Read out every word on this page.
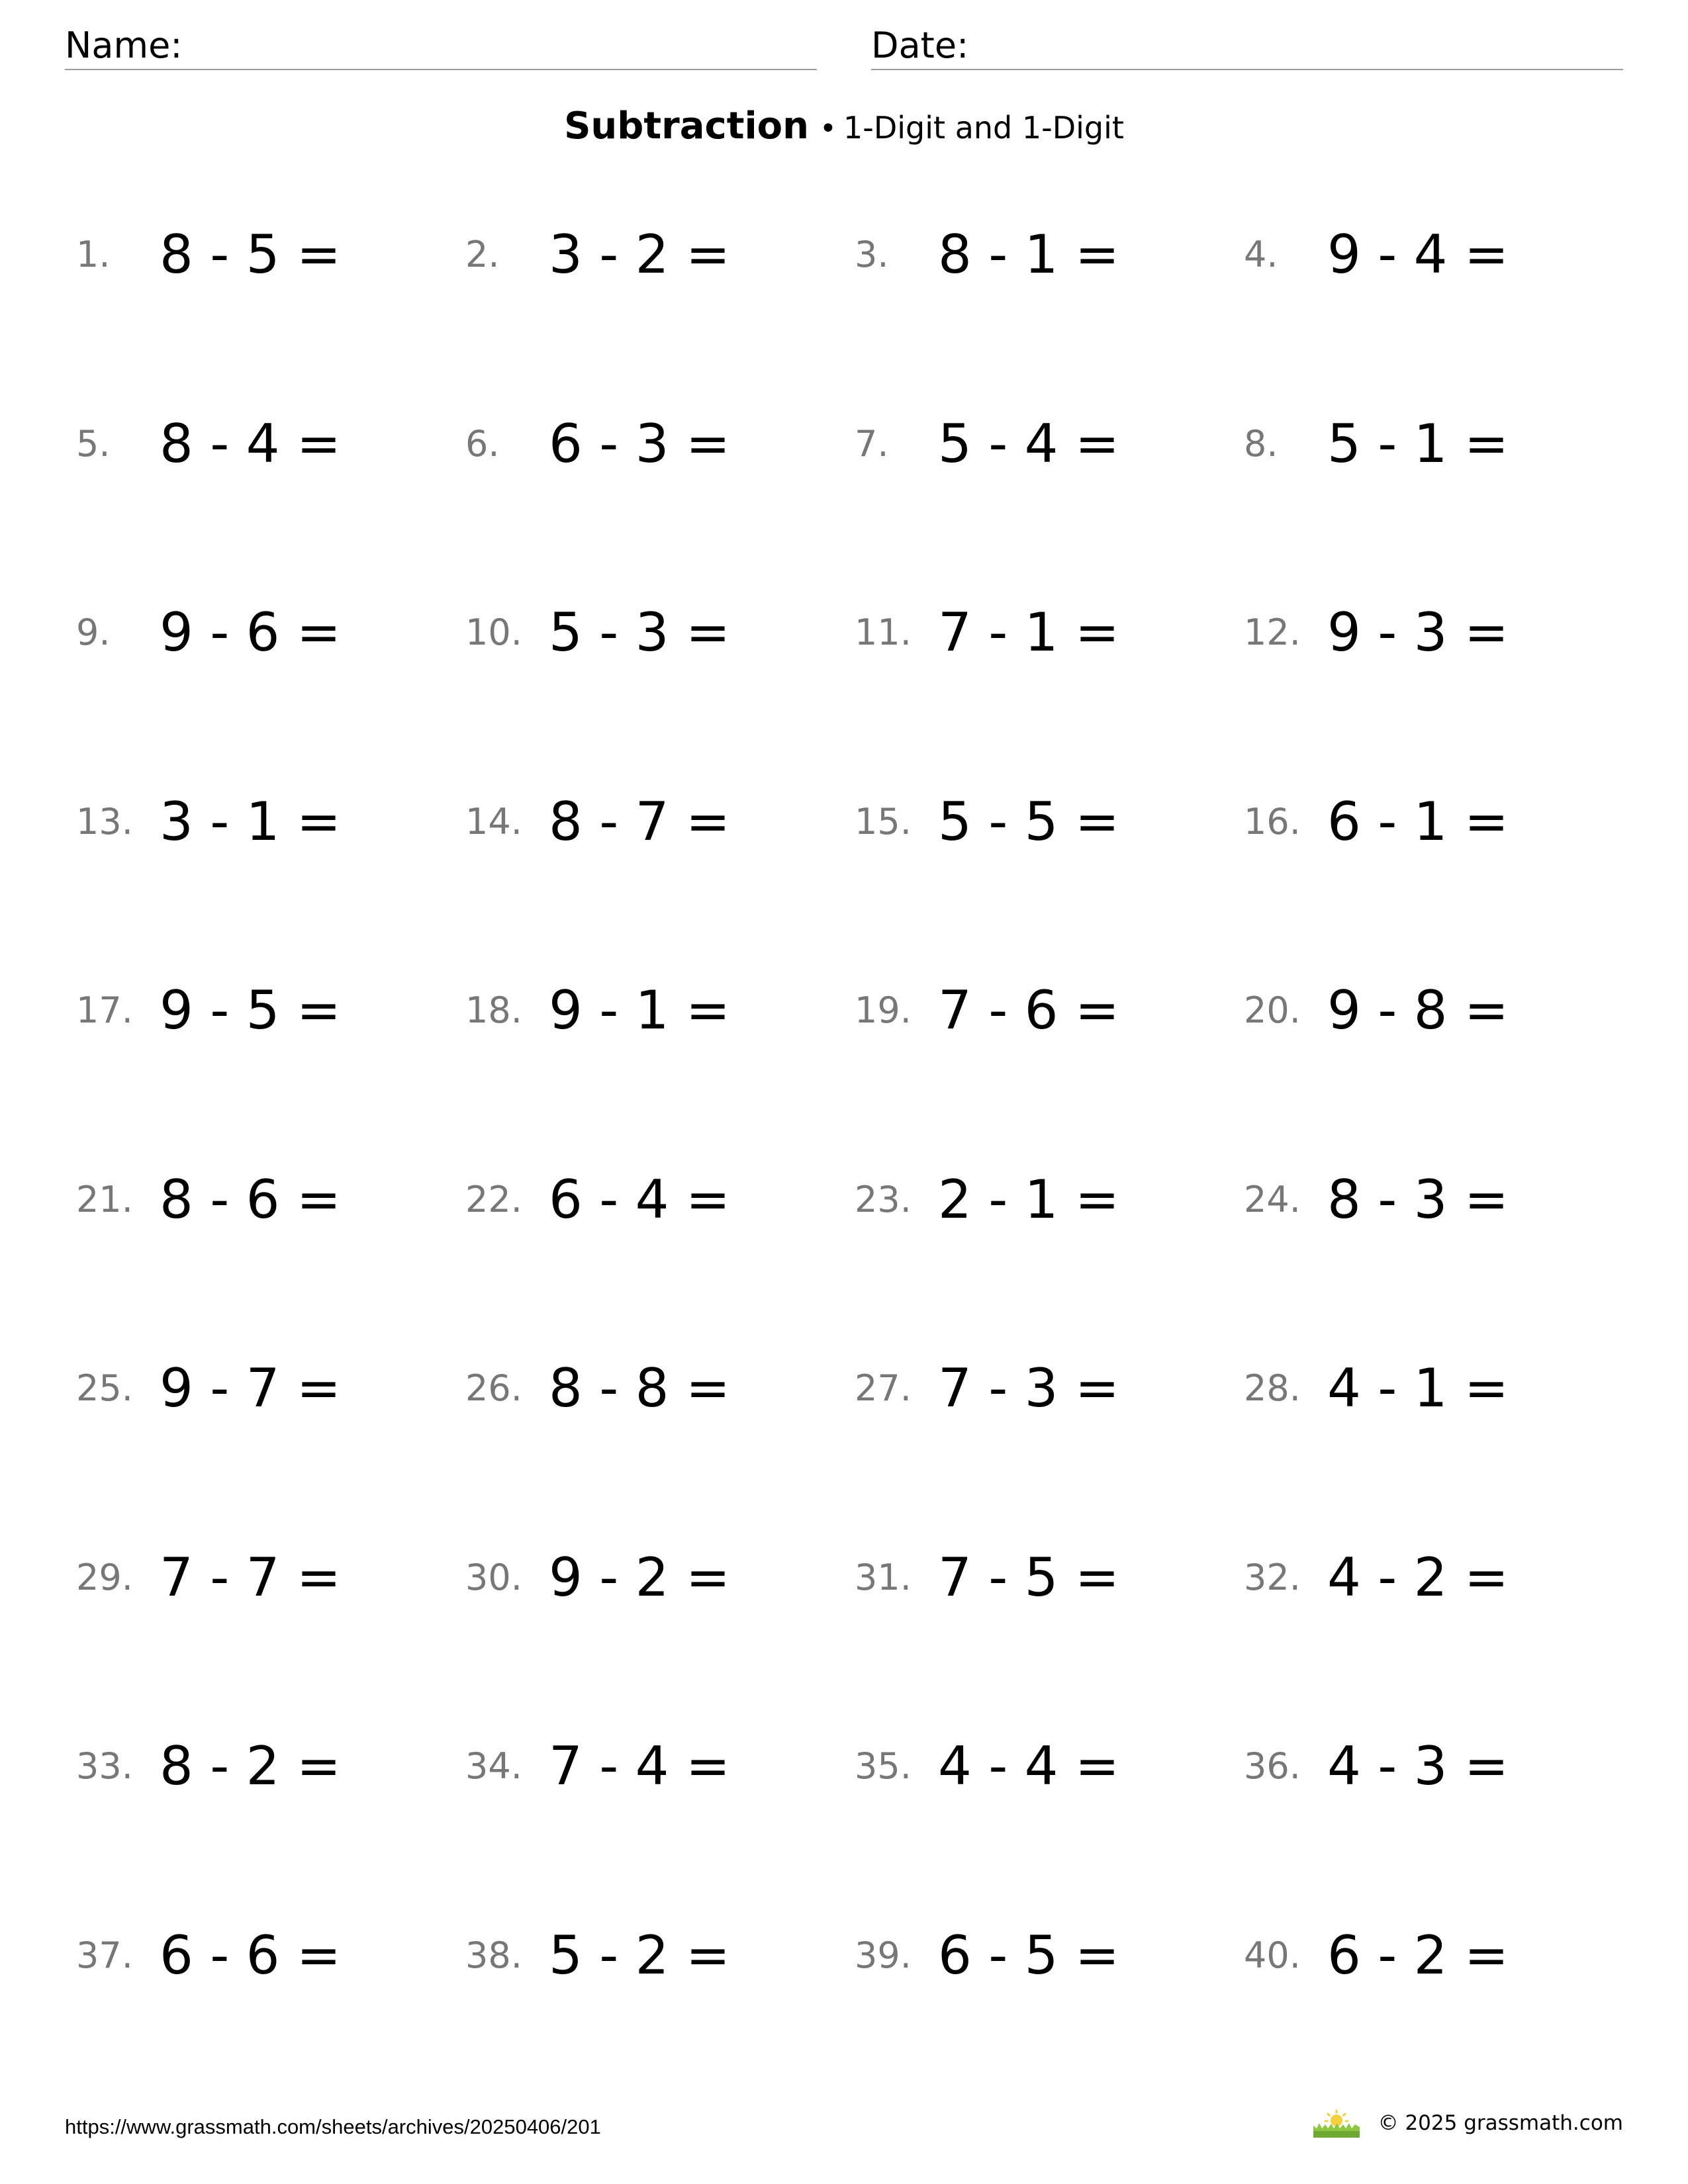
Name:	Date:
Subtraction • 1-Digit and 1-Digit
1. 8 - 5 =	2. 3 - 2 =	3. 8 - 1 =	4. 9 - 4 =
5. 8 - 4 =	6. 6 - 3 =	7. 5 - 4 =	8. 5 - 1 =
9. 9 - 6 =	10. 5 - 3 =	11. 7 - 1 =	12. 9 - 3 =
13. 3 - 1 =	14. 8 - 7 =	15. 5 - 5 =	16. 6 - 1 =
17. 9 - 5 =	18. 9 - 1 =	19. 7 - 6 =	20. 9 - 8 =
21. 8 - 6 =	22. 6 - 4 =	23. 2 - 1 =	24. 8 - 3 =
25. 9 - 7 =	26. 8 - 8 =	27. 7 - 3 =	28. 4 - 1 =
29. 7 - 7 =	30. 9 - 2 =	31. 7 - 5 =	32. 4 - 2 =
33. 8 - 2 =	34. 7 - 4 =	35. 4 - 4 =	36. 4 - 3 =
37. 6 - 6 =	38. 5 - 2 =	39. 6 - 5 =	40. 6 - 2 =
https://www.grassmath.com/sheets/archives/20250406/201	© 2025 grassmath.com
